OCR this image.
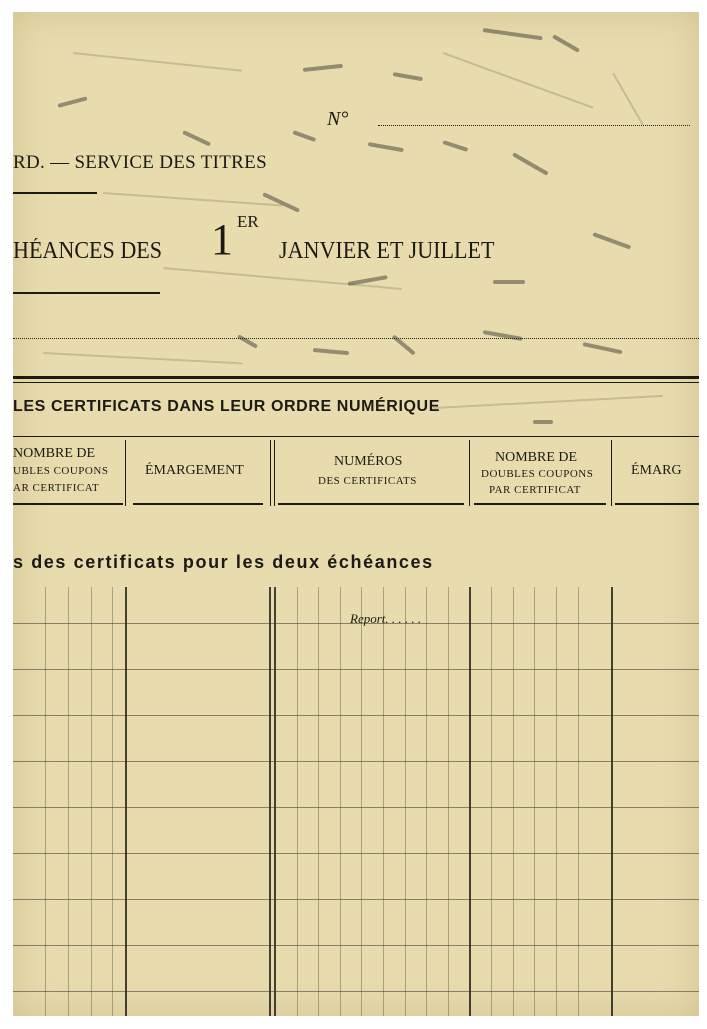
N°
RD. — SERVICE DES TITRES
HÉANCES DES 1 ER
JANVIER ET JUILLET
LES CERTIFICATS DANS LEUR ORDRE NUMÉRIQUE
NOMBRE DE
UBLES COUPONS
AR CERTIFICAT
ÉMARGEMENT
NUMÉROS
DES CERTIFICATS
NOMBRE DE
DOUBLES COUPONS
PAR CERTIFICAT
ÉMARG
s des certificats pour les deux échéances
Report. . . . . .
